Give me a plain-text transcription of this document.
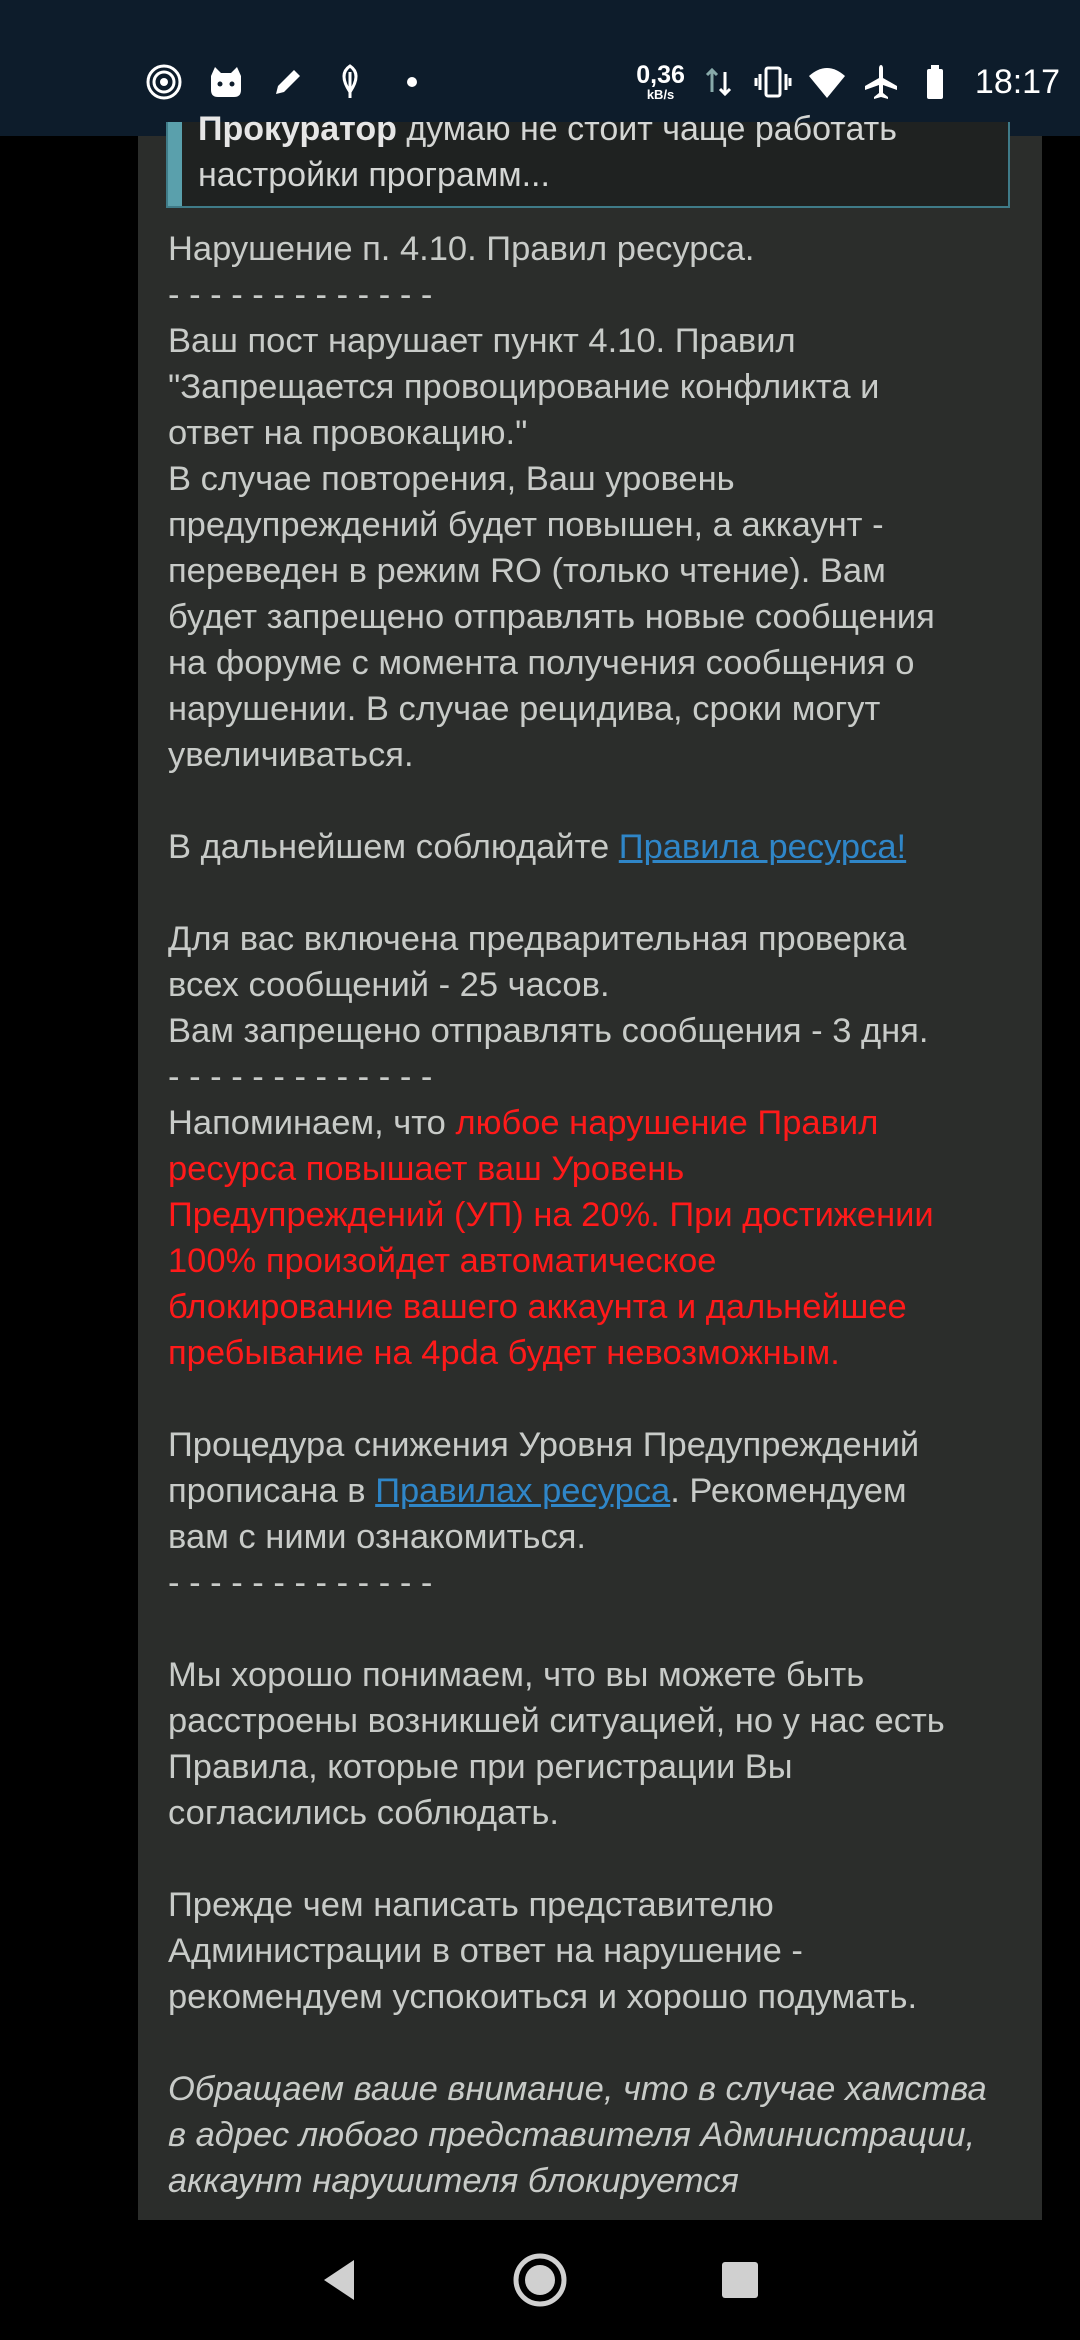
0,36
kB/s	18:17
Прокуратор думаю не стоит чаще работать
настройки программ...

Нарушение п. 4.10. Правил ресурса.

- - - - - - - - - - - - -

Ваш пост нарушает пункт 4.10. Правил

"Запрещается провоцирование конфликта и

ответ на провокацию."

В случае повторения, Ваш уровень

предупреждений будет повышен, а аккаунт -

переведен в режим RO (только чтение). Вам

будет запрещено отправлять новые сообщения

на форуме с момента получения сообщения о

нарушении. В случае рецидива, сроки могут

увеличиваться.

В дальнейшем соблюдайте Правила ресурса!

Для вас включена предварительная проверка

всех сообщений - 25 часов.

Вам запрещено отправлять сообщения - 3 дня.

- - - - - - - - - - - - -

Напоминаем, что любое нарушение Правил

ресурса повышает ваш Уровень

Предупреждений (УП) на 20%. При достижении

100% произойдет автоматическое

блокирование вашего аккаунта и дальнейшее

пребывание на 4pda будет невозможным.

Процедура снижения Уровня Предупреждений

прописана в Правилах ресурса. Рекомендуем

вам с ними ознакомиться.

- - - - - - - - - - - - -

Мы хорошо понимаем, что вы можете быть

расстроены возникшей ситуацией, но у нас есть

Правила, которые при регистрации Вы

согласились соблюдать.

Прежде чем написать представителю

Администрации в ответ на нарушение -

рекомендуем успокоиться и хорошо подумать.

Обращаем ваше внимание, что в случае хамства

в адрес любого представителя Администрации,

аккаунт нарушителя блокируется
